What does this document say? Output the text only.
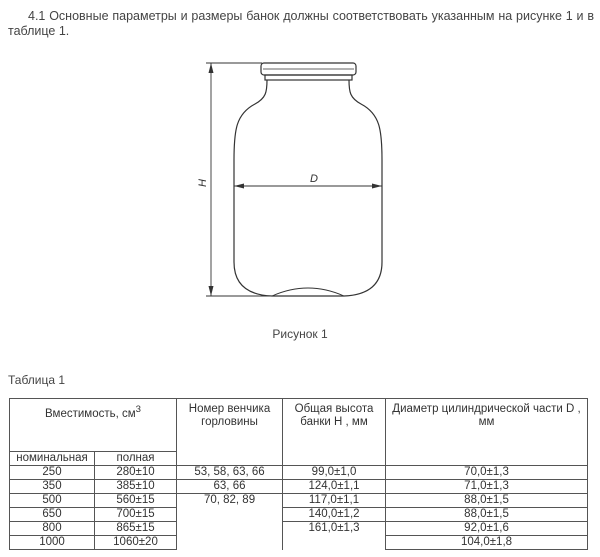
4.1 Основные параметры и размеры банок должны соответствовать указанным на рисунке 1 и в таблице 1.

H	D

Рисунок 1

Таблица 1

Вместимость, $см^3$		Номер венчика горловины	Общая высота банки H , мм	Диаметр цилиндрической части D , мм
номинальная	полная			
250	280±10	53, 58, 63, 66	99,0±1,0	70,0±1,3
350	385±10	63, 66	124,0±1,1	71,0±1,3
500	560±15	70, 82, 89	117,0±1,1	88,0±1,5
650	700±15		140,0±1,2	88,0±1,5
800	865±15		161,0±1,3	92,0±1,6
1000	1060±20			104,0±1,8
